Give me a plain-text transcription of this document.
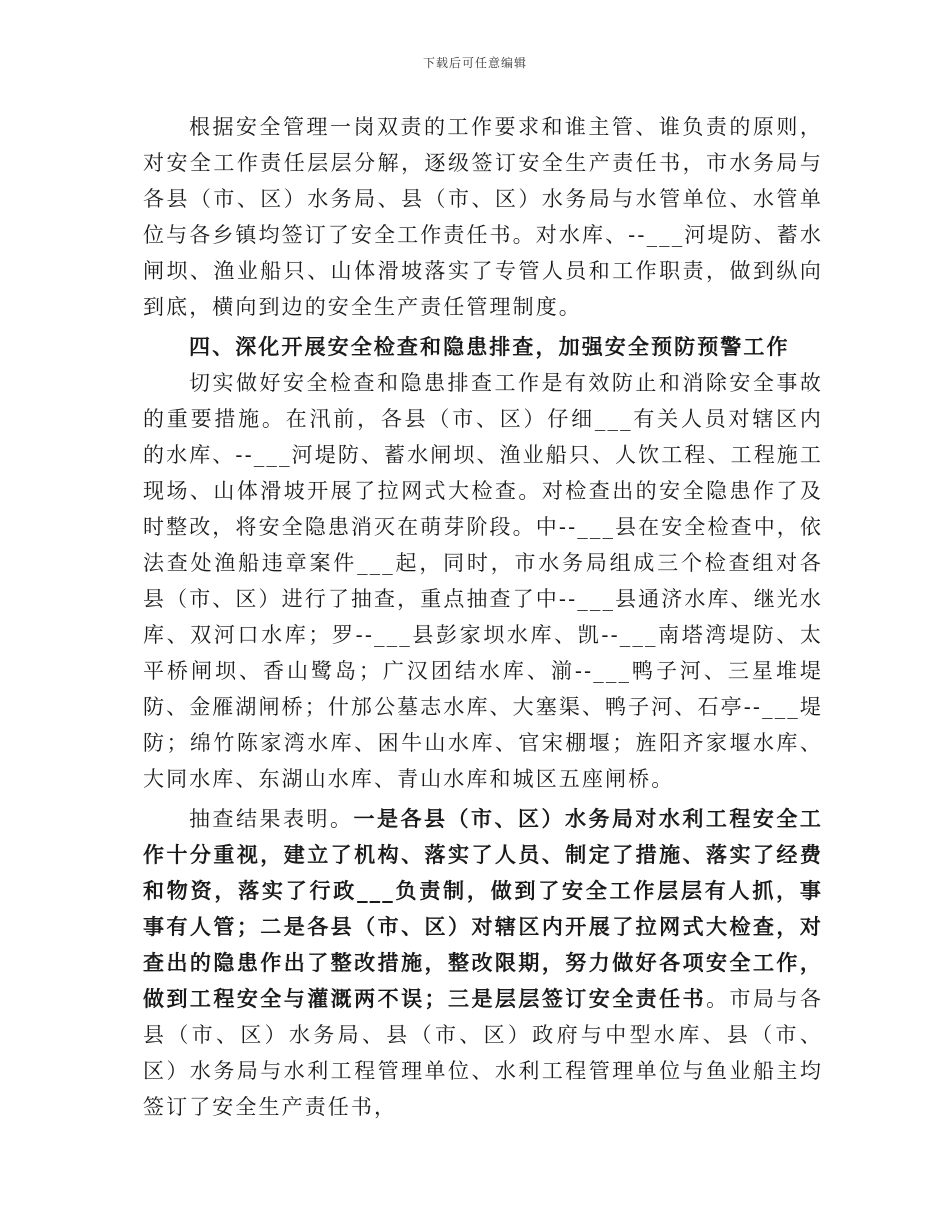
下载后可任意编辑

根据安全管理一岗双责的工作要求和谁主管、谁负责的原则，对安全工作责任层层分解，逐级签订安全生产责任书，市水务局与各县（市、区）水务局、县（市、区）水务局与水管单位、水管单位与各乡镇均签订了安全工作责任书。对水库、--___河堤防、蓄水闸坝、渔业船只、山体滑坡落实了专管人员和工作职责，做到纵向到底，横向到边的安全生产责任管理制度。

四、深化开展安全检查和隐患排查，加强安全预防预警工作

切实做好安全检查和隐患排查工作是有效防止和消除安全事故的重要措施。在汛前，各县（市、区）仔细___有关人员对辖区内的水库、--___河堤防、蓄水闸坝、渔业船只、人饮工程、工程施工现场、山体滑坡开展了拉网式大检查。对检查出的安全隐患作了及时整改，将安全隐患消灭在萌芽阶段。中--___县在安全检查中，依法查处渔船违章案件___起，同时，市水务局组成三个检查组对各县（市、区）进行了抽查，重点抽查了中--___县通济水库、继光水库、双河口水库；罗--___县彭家坝水库、凯--___南塔湾堤防、太平桥闸坝、香山鹭岛；广汉团结水库、湔--___鸭子河、三星堆堤防、金雁湖闸桥；什邡公墓志水库、大塞渠、鸭子河、石亭--___堤防；绵竹陈家湾水库、困牛山水库、官宋棚堰；旌阳齐家堰水库、大同水库、东湖山水库、青山水库和城区五座闸桥。

抽查结果表明。一是各县（市、区）水务局对水利工程安全工作十分重视，建立了机构、落实了人员、制定了措施、落实了经费和物资，落实了行政___负责制，做到了安全工作层层有人抓，事事有人管；二是各县（市、区）对辖区内开展了拉网式大检查，对查出的隐患作出了整改措施，整改限期，努力做好各项安全工作，做到工程安全与灌溉两不误；三是层层签订安全责任书。市局与各县（市、区）水务局、县（市、区）政府与中型水库、县（市、区）水务局与水利工程管理单位、水利工程管理单位与鱼业船主均签订了安全生产责任书，
